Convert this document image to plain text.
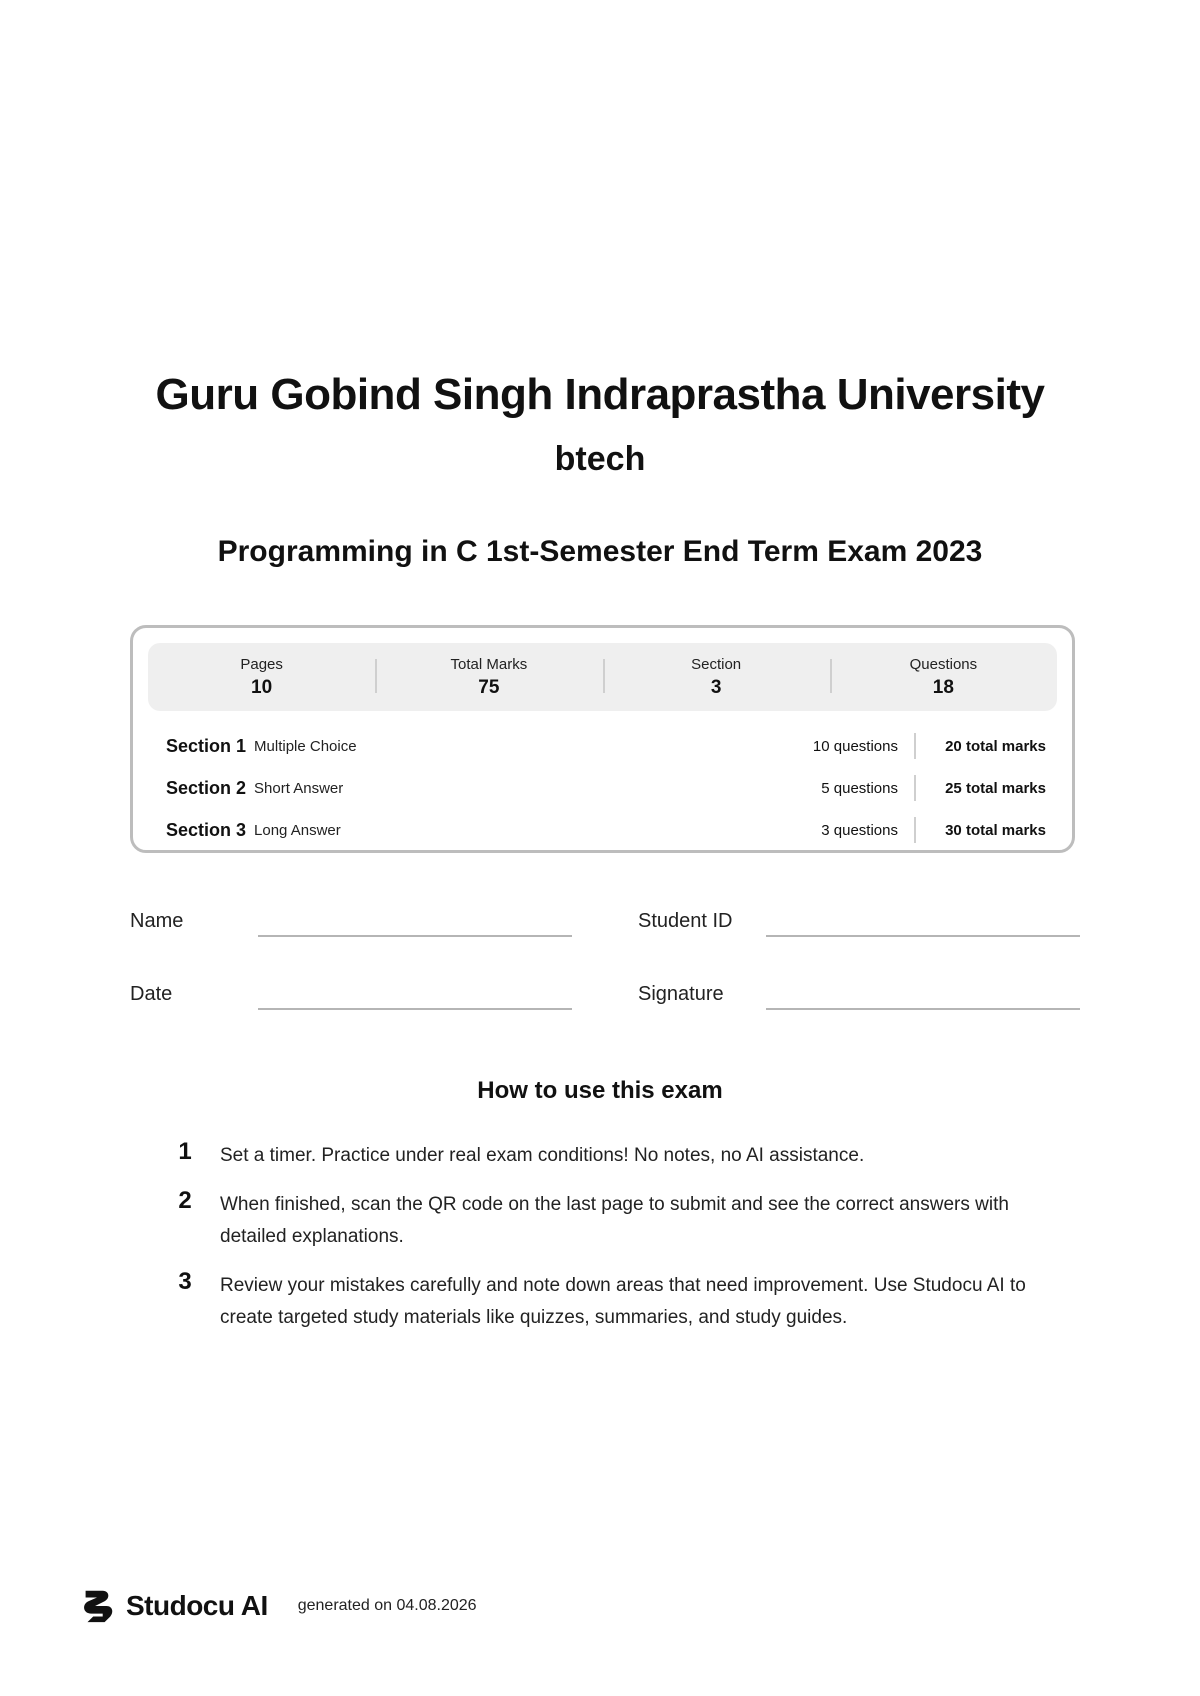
Guru Gobind Singh Indraprastha University
btech
Programming in C 1st-Semester End Term Exam 2023
Pages
10
Total Marks
75
Section
3
Questions
18
Section 1 Multiple Choice	10 questions	20 total marks
Section 2 Short Answer	5 questions	25 total marks
Section 3 Long Answer	3 questions	30 total marks
Name	Student ID
Date	Signature
How to use this exam
1	Set a timer. Practice under real exam conditions! No notes, no AI assistance.
2	When finished, scan the QR code on the last page to submit and see the correct answers with detailed explanations.
3	Review your mistakes carefully and note down areas that need improvement. Use Studocu AI to create targeted study materials like quizzes, summaries, and study guides.
Studocu AI generated on 04.08.2026
